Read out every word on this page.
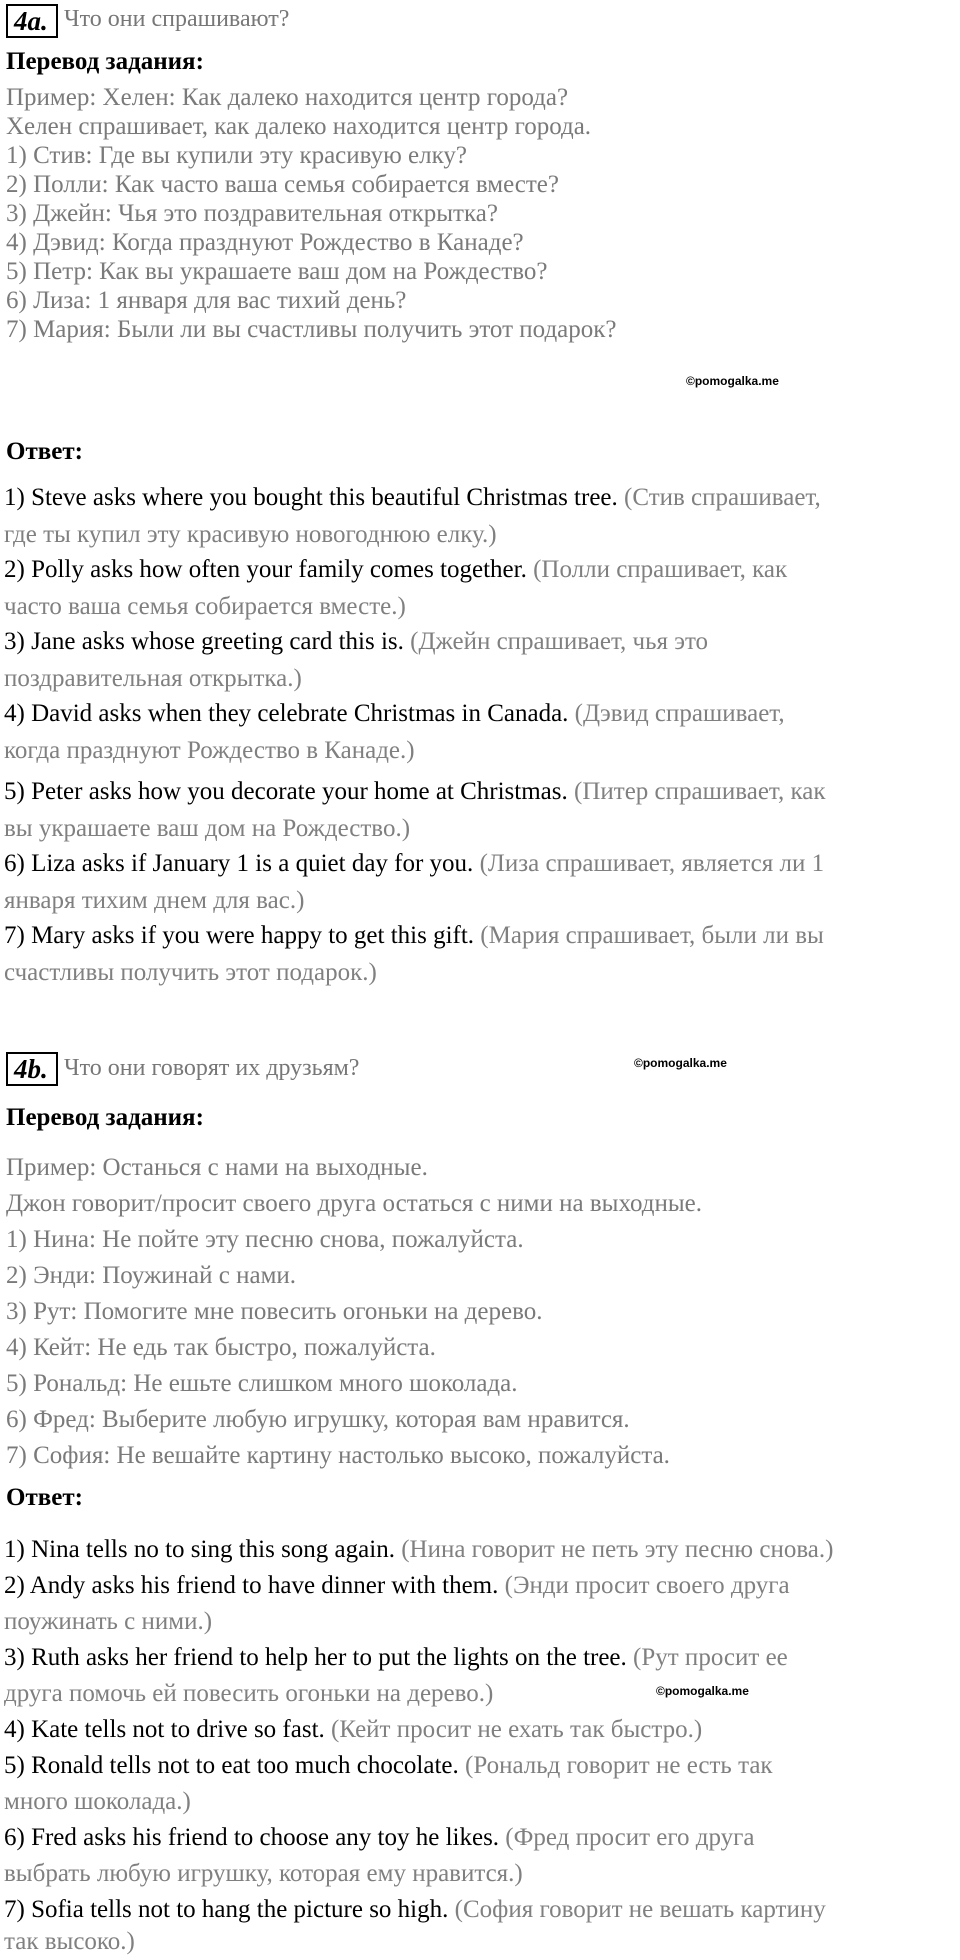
4a. Что они спрашивают?
Перевод задания:
Пример: Хелен: Как далеко находится центр города?
Хелен спрашивает, как далеко находится центр города.
1) Стив: Где вы купили эту красивую елку?
2) Полли: Как часто ваша семья собирается вместе?
3) Джейн: Чья это поздравительная открытка?
4) Дэвид: Когда празднуют Рождество в Канаде?
5) Петр: Как вы украшаете ваш дом на Рождество?
6) Лиза: 1 января для вас тихий день?
7) Мария: Были ли вы счастливы получить этот подарок?
©pomogalka.me
Ответ:
1) Steve asks where you bought this beautiful Christmas tree. (Стив спрашивает,
где ты купил эту красивую новогоднюю елку.)
2) Polly asks how often your family comes together. (Полли спрашивает, как
часто ваша семья собирается вместе.)
3) Jane asks whose greeting card this is. (Джейн спрашивает, чья это
поздравительная открытка.)
4) David asks when they celebrate Christmas in Canada. (Дэвид спрашивает,
когда празднуют Рождество в Канаде.)
5) Peter asks how you decorate your home at Christmas. (Питер спрашивает, как
вы украшаете ваш дом на Рождество.)
6) Liza asks if January 1 is a quiet day for you. (Лиза спрашивает, является ли 1
января тихим днем для вас.)
7) Mary asks if you were happy to get this gift. (Мария спрашивает, были ли вы
счастливы получить этот подарок.)
4b. Что они говорят их друзьям?	©pomogalka.me
Перевод задания:
Пример: Останься с нами на выходные.
Джон говорит/просит своего друга остаться с ними на выходные.
1) Нина: Не пойте эту песню снова, пожалуйста.
2) Энди: Поужинай с нами.
3) Рут: Помогите мне повесить огоньки на дерево.
4) Кейт: Не едь так быстро, пожалуйста.
5) Рональд: Не ешьте слишком много шоколада.
6) Фред: Выберите любую игрушку, которая вам нравится.
7) София: Не вешайте картину настолько высоко, пожалуйста.
Ответ:
1) Nina tells no to sing this song again. (Нина говорит не петь эту песню снова.)
2) Andy asks his friend to have dinner with them. (Энди просит своего друга
поужинать с ними.)
3) Ruth asks her friend to help her to put the lights on the tree. (Рут просит ее
друга помочь ей повесить огоньки на дерево.)	©pomogalka.me
4) Kate tells not to drive so fast. (Кейт просит не ехать так быстро.)
5) Ronald tells not to eat too much chocolate. (Рональд говорит не есть так
много шоколада.)
6) Fred asks his friend to choose any toy he likes. (Фред просит его друга
выбрать любую игрушку, которая ему нравится.)
7) Sofia tells not to hang the picture so high. (София говорит не вешать картину
так высоко.)
